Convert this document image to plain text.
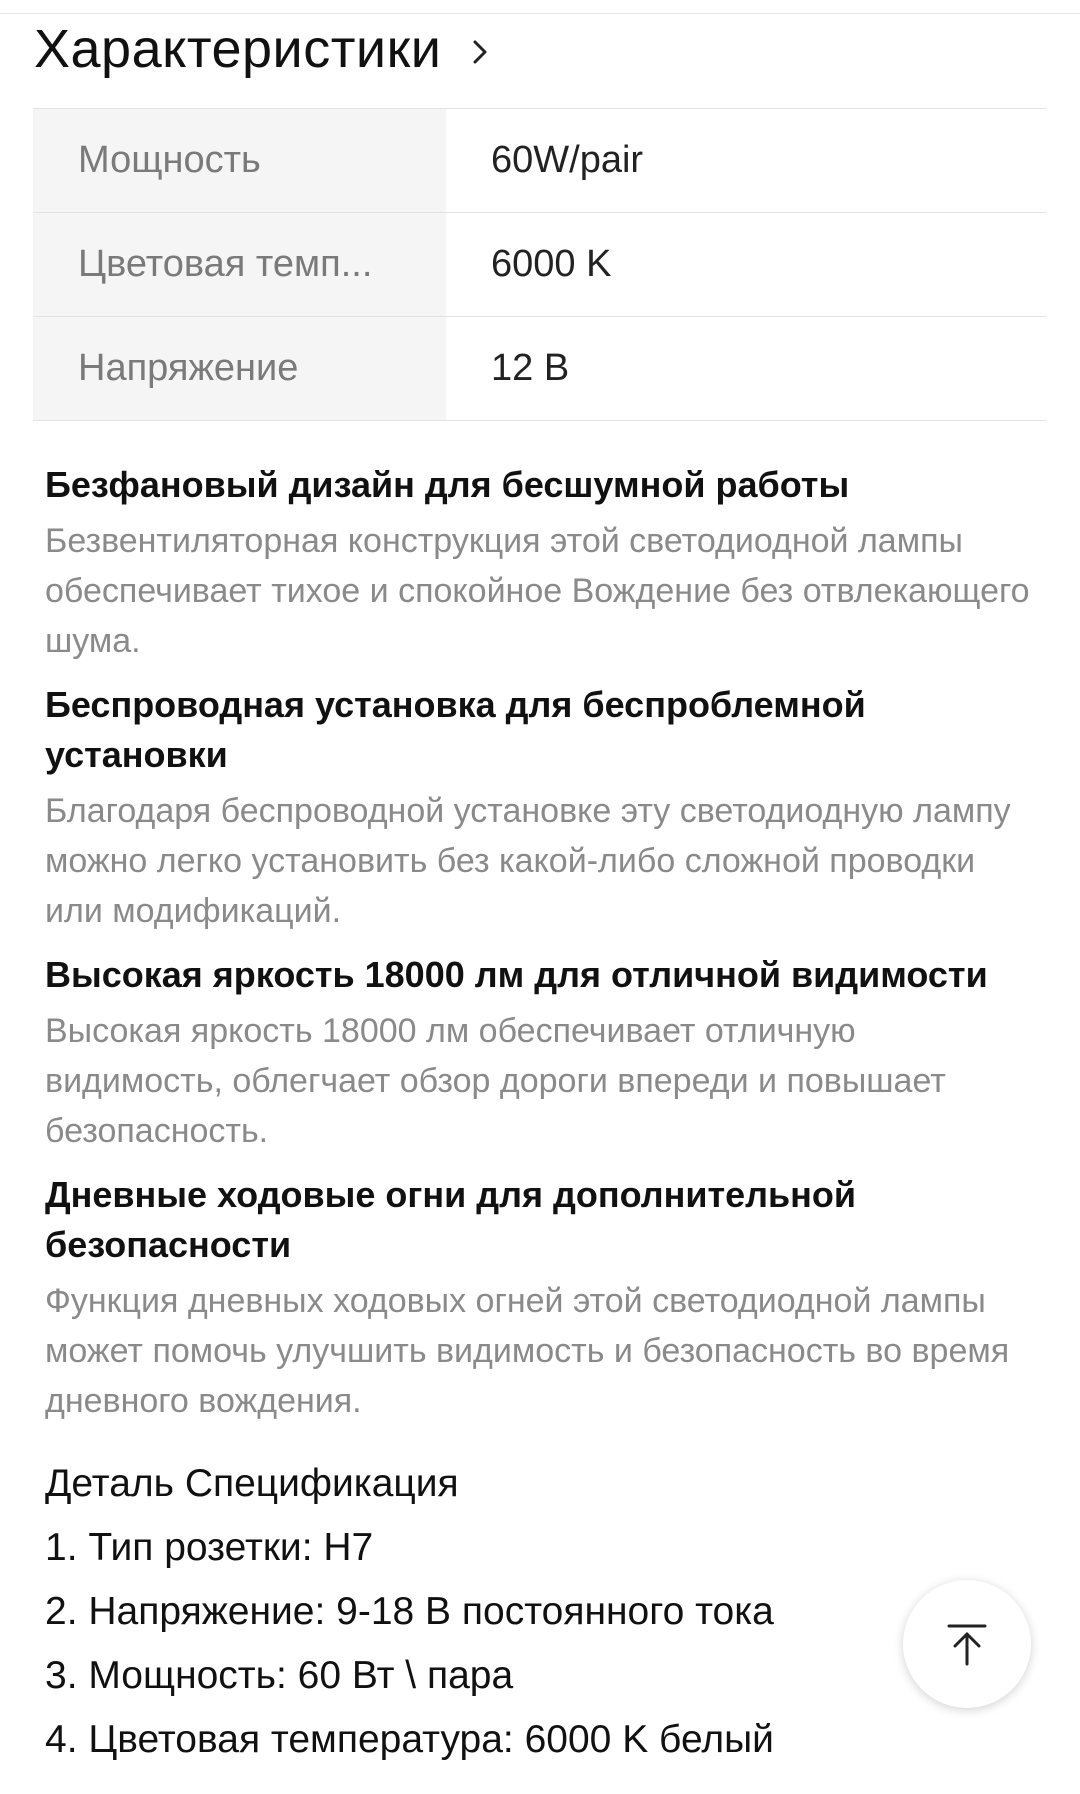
Характеристики
Мощность	60W/pair
Цветовая темп...	6000 K
Напряжение	12 В
Безфановый дизайн для бесшумной работы
Безвентиляторная конструкция этой светодиодной лампы обеспечивает тихое и спокойное Вождение без отвлекающего шума.
Беспроводная установка для беспроблемной установки
Благодаря беспроводной установке эту светодиодную лампу можно легко установить без какой-либо сложной проводки или модификаций.
Высокая яркость 18000 лм для отличной видимости
Высокая яркость 18000 лм обеспечивает отличную видимость, облегчает обзор дороги впереди и повышает безопасность.
Дневные ходовые огни для дополнительной безопасности
Функция дневных ходовых огней этой светодиодной лампы может помочь улучшить видимость и безопасность во время дневного вождения.
Деталь Спецификация
1. Тип розетки: H7
2. Напряжение: 9-18 В постоянного тока
3. Мощность: 60 Вт \ пара
4. Цветовая температура: 6000 K белый
